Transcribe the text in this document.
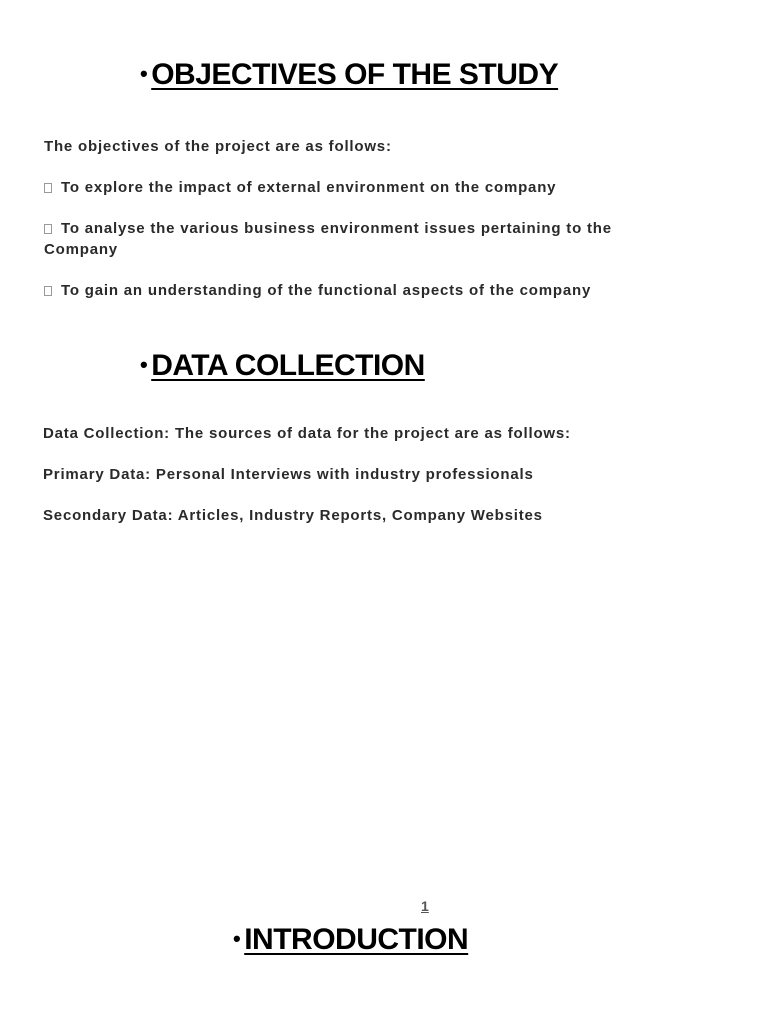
• OBJECTIVES OF THE STUDY
The objectives of the project are as follows:
To explore the impact of external environment on the company
To analyse the various business environment issues pertaining to the Company
To gain an understanding of the functional aspects of the company
• DATA COLLECTION
Data Collection: The sources of data for the project are as follows:
Primary Data: Personal Interviews with industry professionals
Secondary Data: Articles, Industry Reports, Company Websites
1
• INTRODUCTION
